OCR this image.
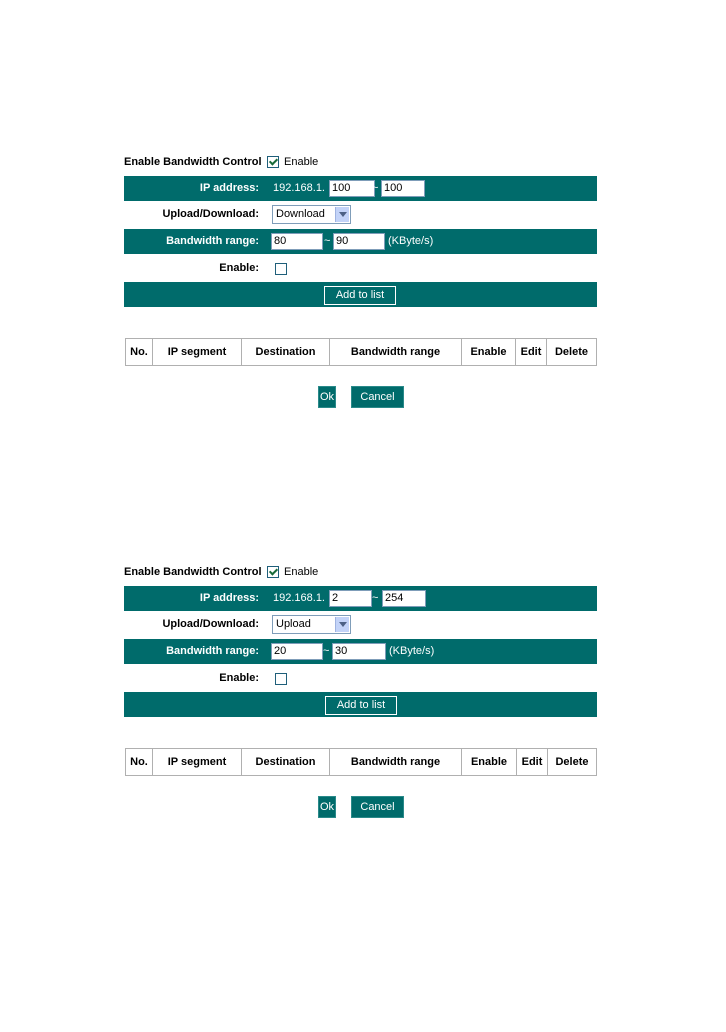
Enable Bandwidth Control Enable
IP address: 192.168.1. 100	~ 100
Upload/Download:	Download
Bandwidth range: 80	~ 90	(KByte/s)
Enable:
Add to list
No.	IP segment	Destination	Bandwidth range	Enable	Edit	Delete
Ok	Cancel
Enable Bandwidth Control Enable
IP address: 192.168.1. 2	~ 254
Upload/Download:	Upload
Bandwidth range: 20	~ 30	(KByte/s)
Enable:
Add to list
No.	IP segment	Destination	Bandwidth range	Enable	Edit	Delete
Ok	Cancel
